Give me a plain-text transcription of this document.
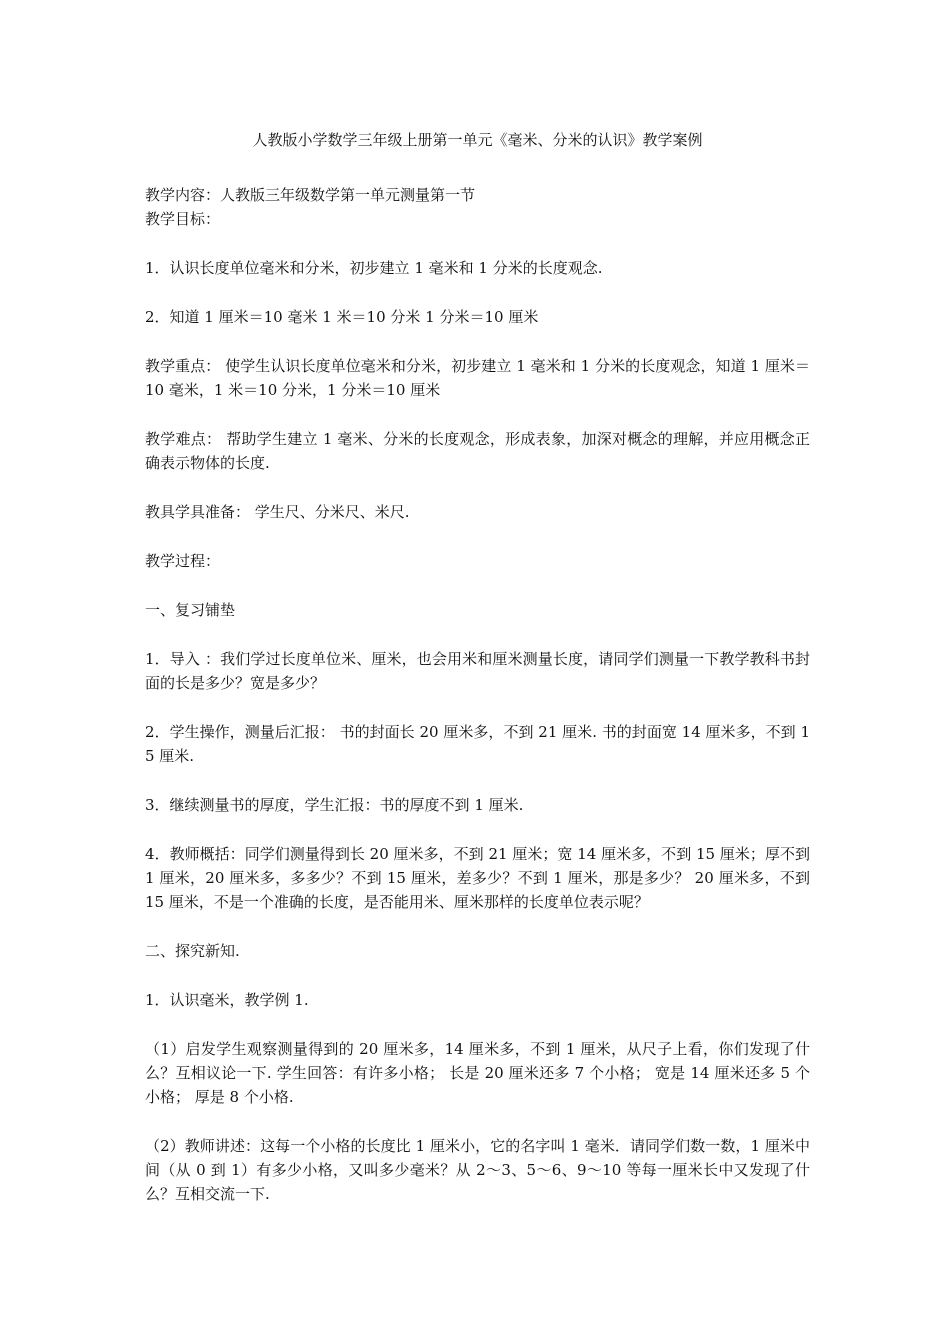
人教版小学数学三年级上册第一单元《毫米、分米的认识》教学案例
教学内容：人教版三年级数学第一单元测量第一节
教学目标：
1．认识长度单位毫米和分米，初步建立 1 毫米和 1 分米的长度观念.
2．知道 1 厘米＝10 毫米 1 米＝10 分米 1 分米＝10 厘米
教学重点： 使学生认识长度单位毫米和分米，初步建立 1 毫米和 1 分米的长度观念，知道 1 厘米＝10 毫米，1 米＝10 分米，1 分米＝10 厘米
教学难点： 帮助学生建立 1 毫米、分米的长度观念，形成表象，加深对概念的理解，并应用概念正确表示物体的长度.
教具学具准备： 学生尺、分米尺、米尺.
教学过程：
一、复习铺垫
1．导入 ：我们学过长度单位米、厘米，也会用米和厘米测量长度，请同学们测量一下教学教科书封面的长是多少？宽是多少？
2．学生操作，测量后汇报： 书的封面长 20 厘米多，不到 21 厘米. 书的封面宽 14 厘米多，不到 15 厘米.
3．继续测量书的厚度，学生汇报：书的厚度不到 1 厘米.
4．教师概括：同学们测量得到长 20 厘米多，不到 21 厘米；宽 14 厘米多，不到 15 厘米；厚不到 1 厘米，20 厘米多，多多少？不到 15 厘米，差多少？不到 1 厘米，那是多少？ 20 厘米多，不到 15 厘米，不是一个准确的长度，是否能用米、厘米那样的长度单位表示呢？
二、探究新知.
1．认识毫米，教学例 1.
（1）启发学生观察测量得到的 20 厘米多，14 厘米多，不到 1 厘米，从尺子上看，你们发现了什么？互相议论一下. 学生回答：有许多小格； 长是 20 厘米还多 7 个小格； 宽是 14 厘米还多 5 个小格； 厚是 8 个小格.
（2）教师讲述：这每一个小格的长度比 1 厘米小，它的名字叫 1 毫米．请同学们数一数，1 厘米中间（从 0 到 1）有多少小格，又叫多少毫米？从 2～3、5～6、9～10 等每一厘米长中又发现了什么？互相交流一下.
